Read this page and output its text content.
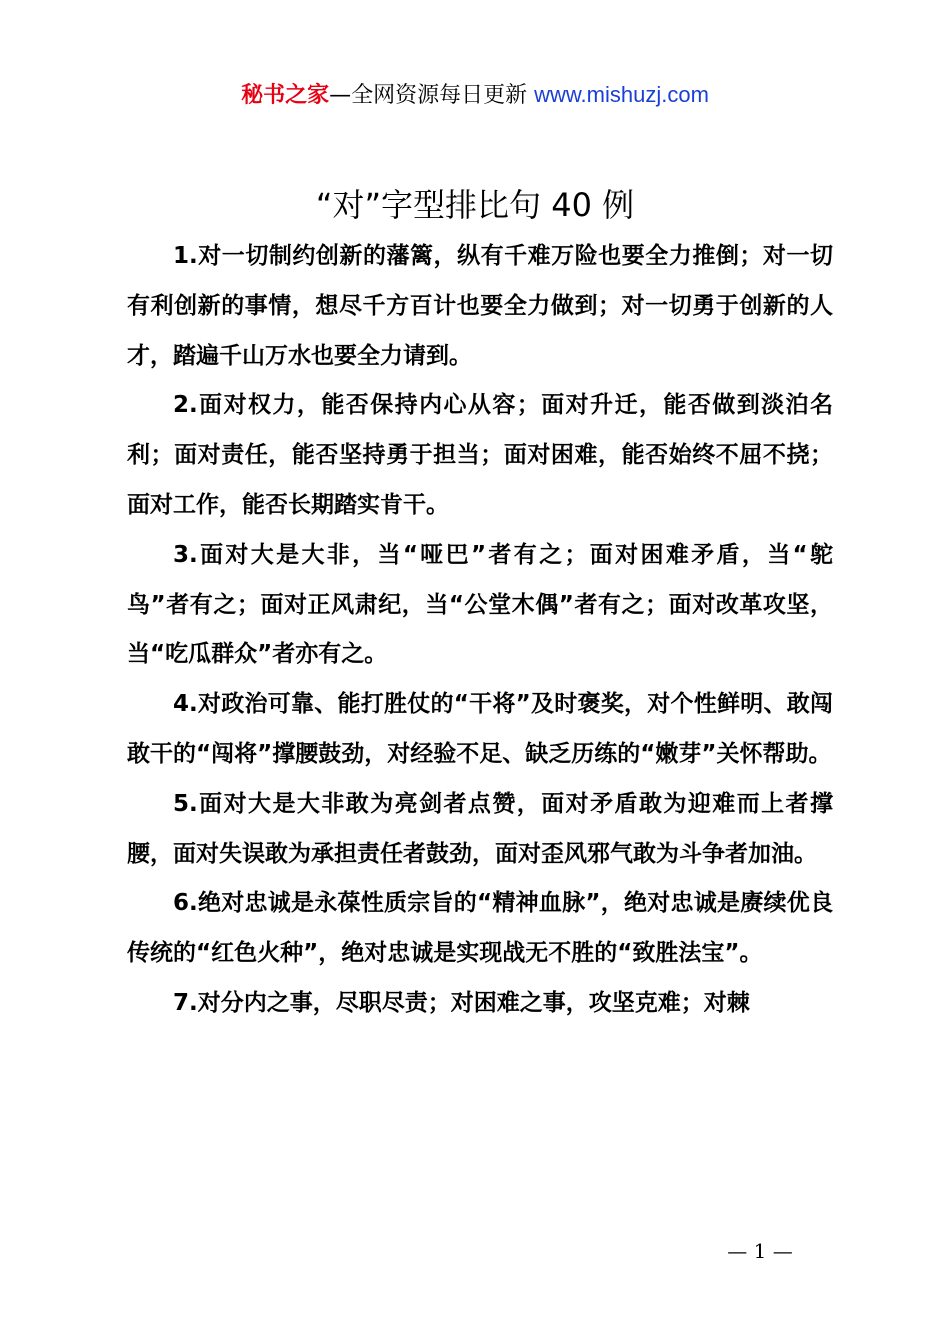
秘书之家—全网资源每日更新 www.mishuzj.com
“对”字型排比句 40 例

1.对一切制约创新的藩篱，纵有千难万险也要全力推倒；对一切有利创新的事情，想尽千方百计也要全力做到；对一切勇于创新的人才，踏遍千山万水也要全力请到。

2.面对权力，能否保持内心从容；面对升迁，能否做到淡泊名利；面对责任，能否坚持勇于担当；面对困难，能否始终不屈不挠；面对工作，能否长期踏实肯干。

3.面对大是大非，当“哑巴”者有之；面对困难矛盾，当“鸵鸟”者有之；面对正风肃纪，当“公堂木偶”者有之；面对改革攻坚，当“吃瓜群众”者亦有之。

4.对政治可靠、能打胜仗的“干将”及时褒奖，对个性鲜明、敢闯敢干的“闯将”撑腰鼓劲，对经验不足、缺乏历练的“嫩芽”关怀帮助。

5.面对大是大非敢为亮剑者点赞，面对矛盾敢为迎难而上者撑腰，面对失误敢为承担责任者鼓劲，面对歪风邪气敢为斗争者加油。

6.绝对忠诚是永葆性质宗旨的“精神血脉”，绝对忠诚是赓续优良传统的“红色火种”，绝对忠诚是实现战无不胜的“致胜法宝”。

7.对分内之事，尽职尽责；对困难之事，攻坚克难；对棘

— 1 —
